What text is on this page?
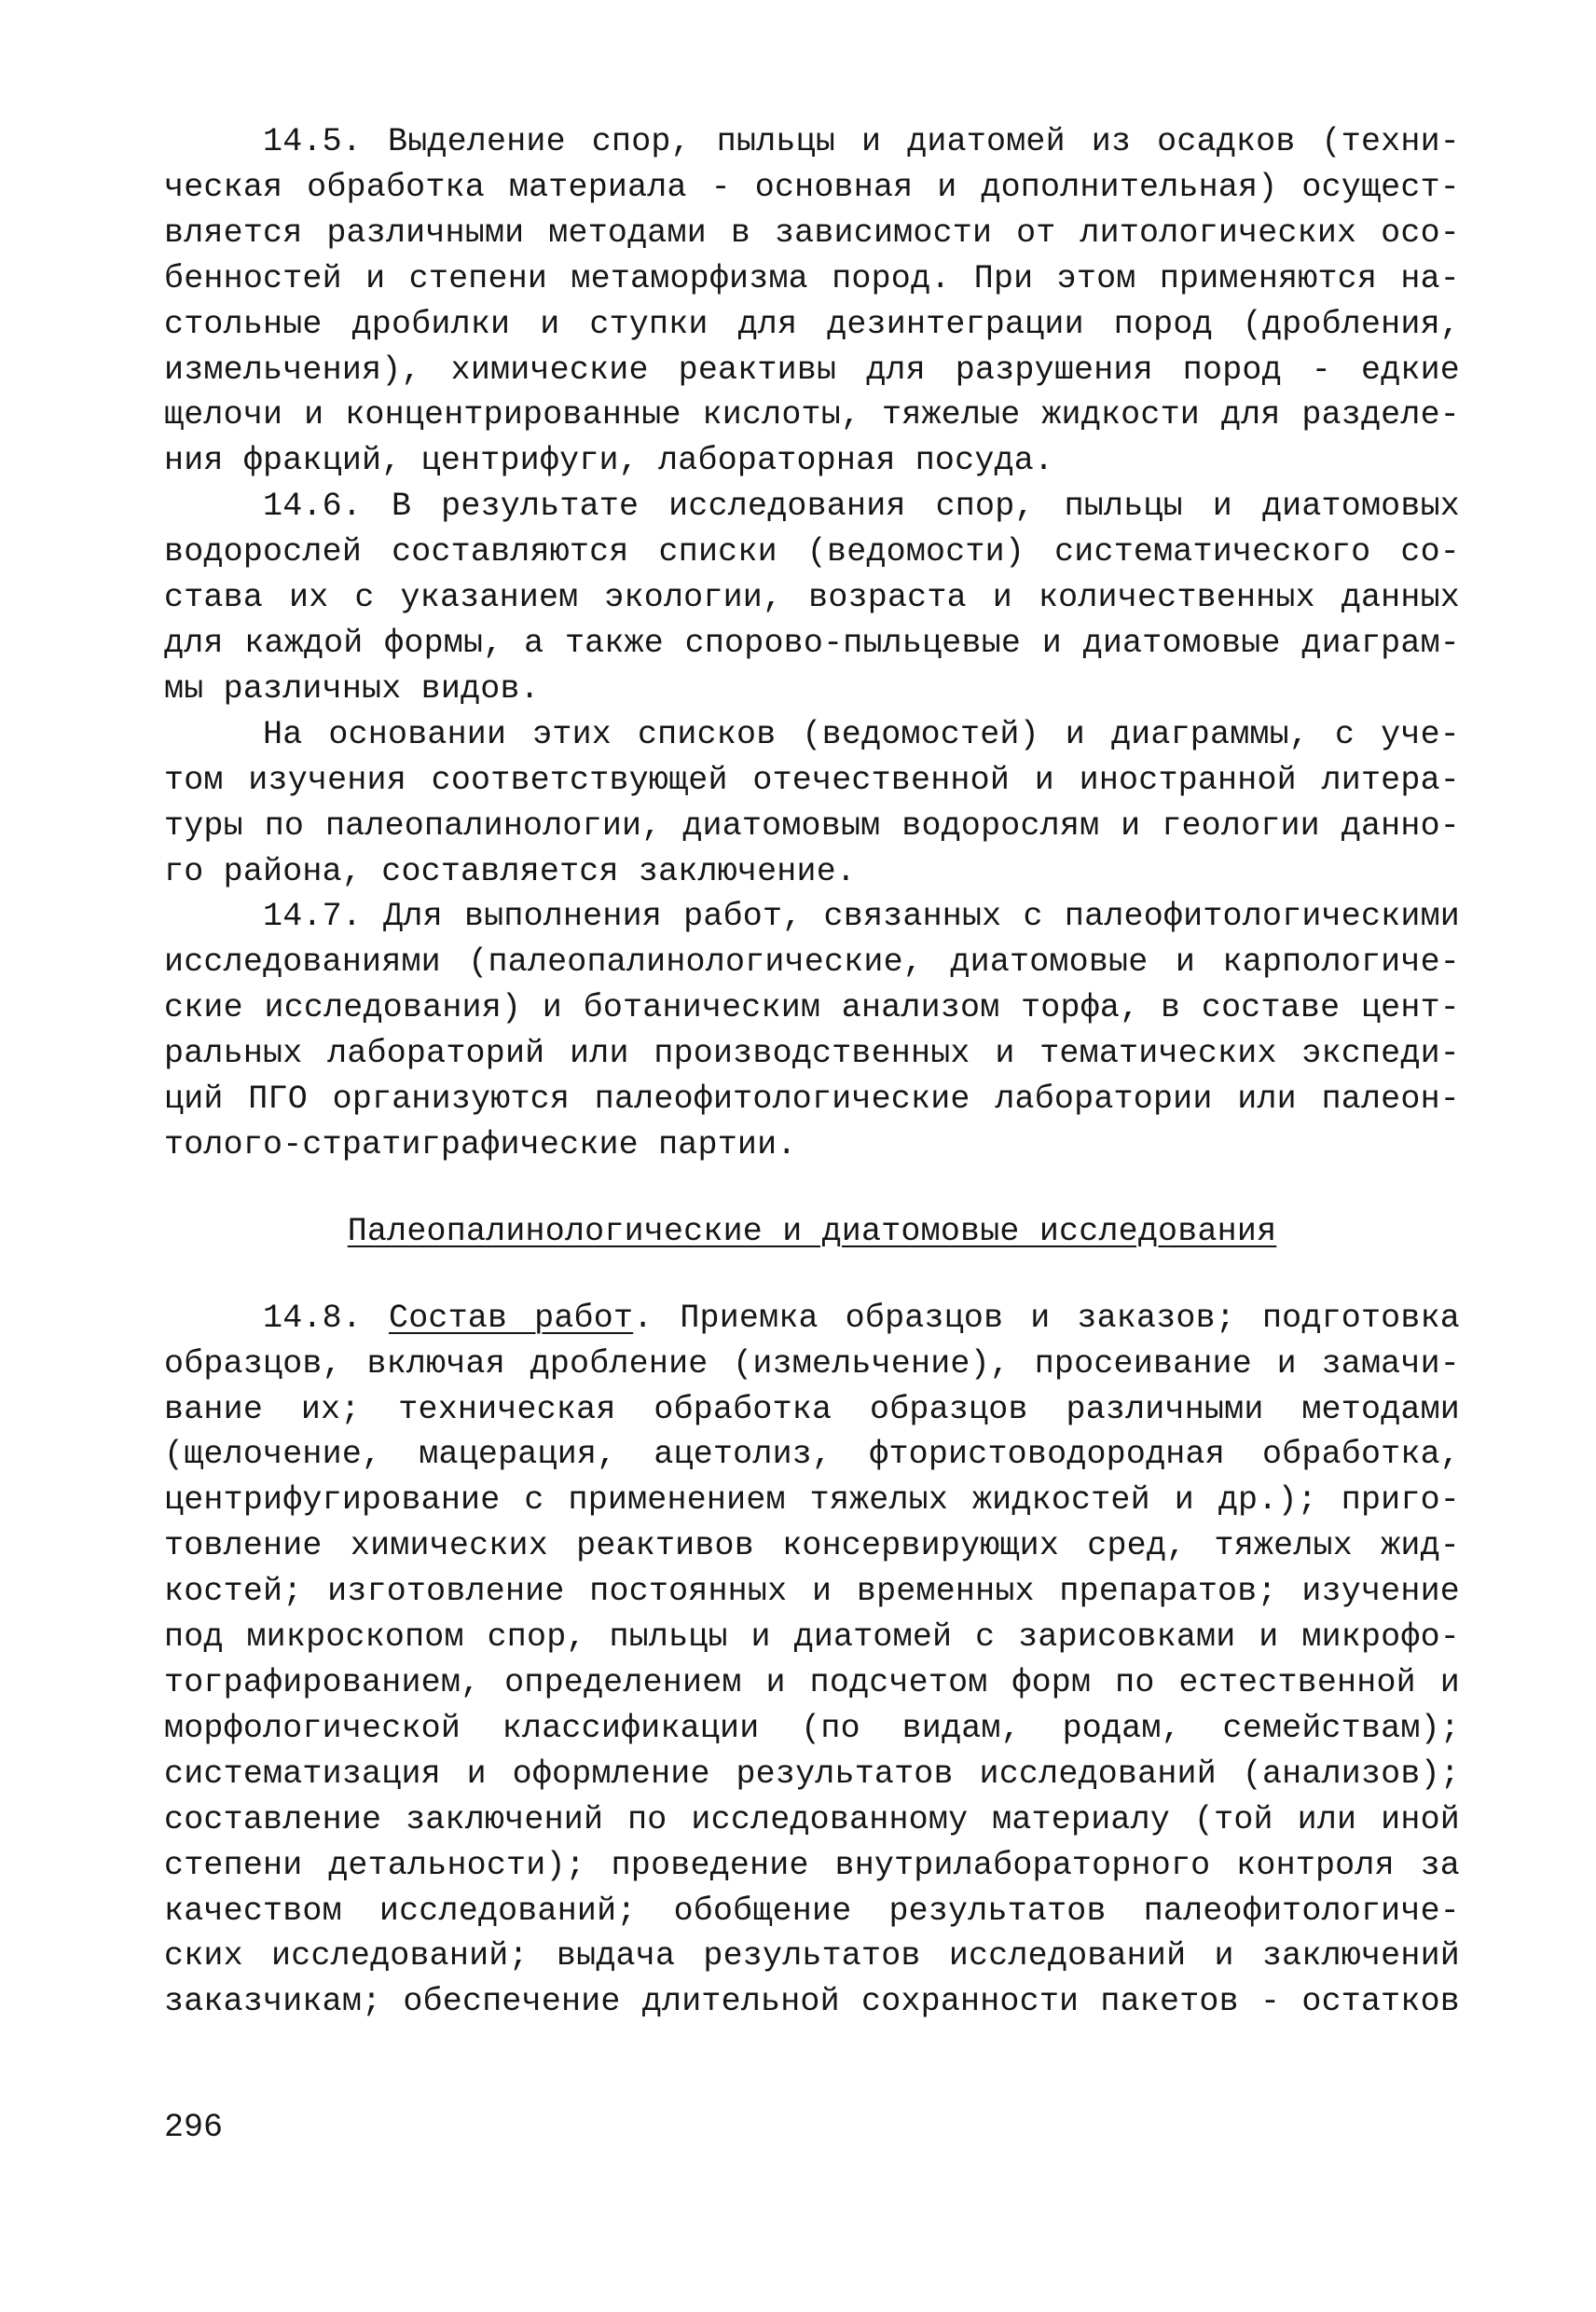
14.5. Выделение спор, пыльцы и диатомей из осадков (техни-
ческая обработка материала - основная и дополнительная) осущест-
вляется различными методами в зависимости от литологических осо-
бенностей и степени метаморфизма пород. При этом применяются на-
стольные дробилки и ступки для дезинтеграции пород (дробления,
измельчения), химические реактивы для разрушения пород - едкие
щелочи и концентрированные кислоты, тяжелые жидкости для разделе-
ния фракций, центрифуги, лабораторная посуда.
14.6. В результате исследования спор, пыльцы и диатомовых
водорослей составляются списки (ведомости) систематического со-
става их с указанием экологии, возраста и количественных данных
для каждой формы, а также спорово-пыльцевые и диатомовые диаграм-
мы различных видов.
На основании этих списков (ведомостей) и диаграммы, с уче-
том изучения соответствующей отечественной и иностранной литера-
туры по палеопалинологии, диатомовым водорослям и геологии данно-
го района, составляется заключение.
14.7. Для выполнения работ, связанных с палеофитологическими
исследованиями (палеопалинологические, диатомовые и карпологиче-
ские исследования) и ботаническим анализом торфа, в составе цент-
ральных лабораторий или производственных и тематических экспеди-
ций ПГО организуются палеофитологические лаборатории или палеон-
толого-стратиграфические партии.
Палеопалинологические и диатомовые исследования
14.8. Состав работ. Приемка образцов и заказов; подготовка
образцов, включая дробление (измельчение), просеивание и замачи-
вание их; техническая обработка образцов различными методами
(щелочение, мацерация, ацетолиз, фтористоводородная обработка,
центрифугирование с применением тяжелых жидкостей и др.); приго-
товление химических реактивов консервирующих сред, тяжелых жид-
костей; изготовление постоянных и временных препаратов; изучение
под микроскопом спор, пыльцы и диатомей с зарисовками и микрофо-
тографированием, определением и подсчетом форм по естественной и
морфологической классификации (по видам, родам, семействам);
систематизация и оформление результатов исследований (анализов);
составление заключений по исследованному материалу (той или иной
степени детальности); проведение внутрилабораторного контроля за
качеством исследований; обобщение результатов палеофитологиче-
ских исследований; выдача результатов исследований и заключений
заказчикам; обеспечение длительной сохранности пакетов - остатков
296
